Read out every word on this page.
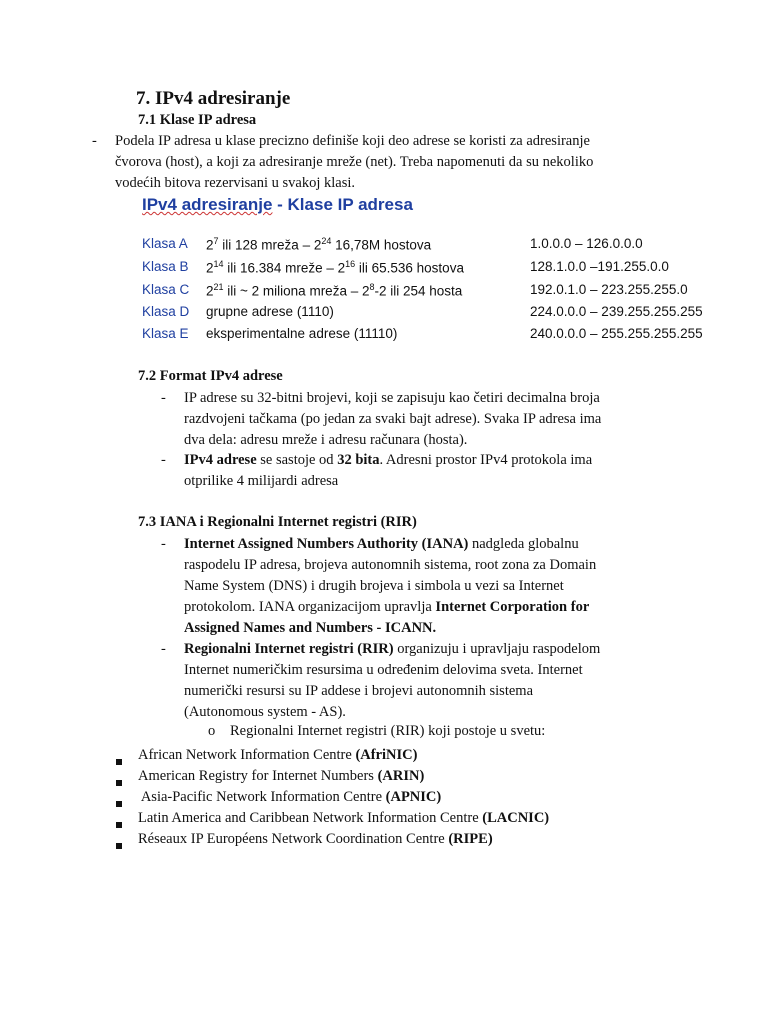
7. IPv4 adresiranje
7.1 Klase IP adresa
- Podela IP adresa u klase precizno definiše koji deo adrese se koristi za adresiranje
čvorova (host), a koji za adresiranje mreže (net). Treba napomenuti da su nekoliko
vodećih bitova rezervisani u svakoj klasi.
IPv4 adresiranje - Klase IP adresa
Klasa A $2^7$ ili 128 mreža – $2^{24}$ 16,78M hostova	1.0.0.0 – 126.0.0.0
Klasa B $2^{14}$ ili 16.384 mreže – $2^{16}$ ili 65.536 hostova	128.1.0.0 –191.255.0.0
Klasa C $2^{21}$ ili ~ 2 miliona mreža – $2^8-2$ ili 254 hosta	192.0.1.0 – 223.255.255.0
Klasa D grupne adrese (1110)	224.0.0.0 – 239.255.255.255
Klasa E eksperimentalne adrese (11110)	240.0.0.0 – 255.255.255.255
7.2 Format IPv4 adrese
- IP adrese su 32-bitni brojevi, koji se zapisuju kao četiri decimalna broja
razdvojeni tačkama (po jedan za svaki bajt adrese). Svaka IP adresa ima
dva dela: adresu mreže i adresu računara (hosta).
- IPv4 adrese se sastoje od 32 bita. Adresni prostor IPv4 protokola ima
otprilike 4 milijardi adresa
7.3 IANA i Regionalni Internet registri (RIR)
- Internet Assigned Numbers Authority (IANA) nadgleda globalnu
raspodelu IP adresa, brojeva autonomnih sistema, root zona za Domain
Name System (DNS) i drugih brojeva i simbola u vezi sa Internet
protokolom. IANA organizacijom upravlja Internet Corporation for
Assigned Names and Numbers - ICANN.
- Regionalni Internet registri (RIR) organizuju i upravljaju raspodelom
Internet numeričkim resursima u određenim delovima sveta. Internet
numerički resursi su IP addese i brojevi autonomnih sistema
(Autonomous system - AS).
o Regionalni Internet registri (RIR) koji postoje u svetu:
African Network Information Centre (AfriNIC)
American Registry for Internet Numbers (ARIN)
Asia-Pacific Network Information Centre (APNIC)
Latin America and Caribbean Network Information Centre (LACNIC)
Réseaux IP Européens Network Coordination Centre (RIPE)
